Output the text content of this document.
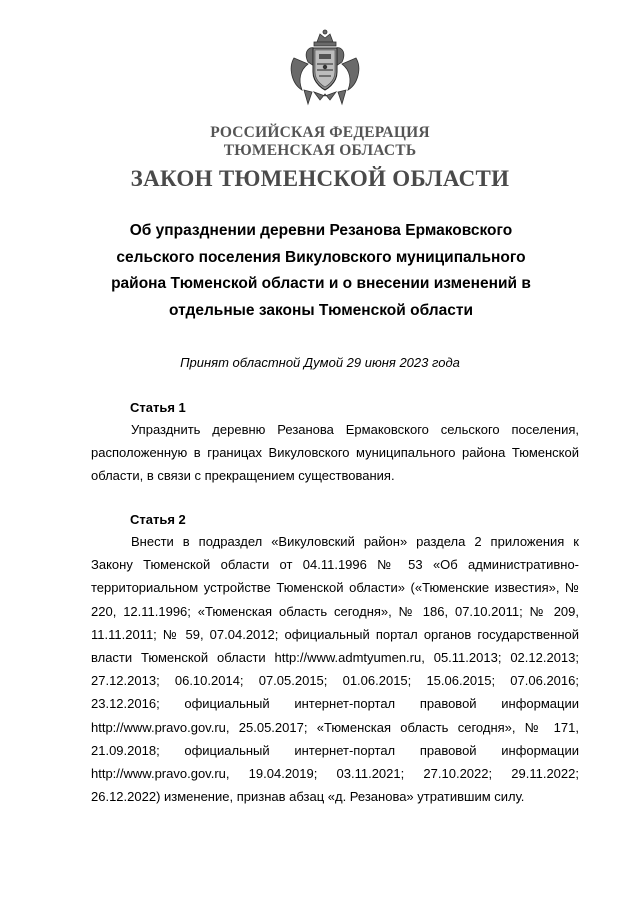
РОССИЙСКАЯ ФЕДЕРАЦИЯ
ТЮМЕНСКАЯ ОБЛАСТЬ
ЗАКОН ТЮМЕНСКОЙ ОБЛАСТИ
Об упразднении деревни Резанова Ермаковского сельского поселения Викуловского муниципального района Тюменской области и о внесении изменений в отдельные законы Тюменской области
Принят областной Думой 29 июня 2023 года
Статья 1

Упразднить деревню Резанова Ермаковского сельского поселения, расположенную в границах Викуловского муниципального района Тюменской области, в связи с прекращением существования.

Статья 2

Внести в подраздел «Викуловский район» раздела 2 приложения к Закону Тюменской области от 04.11.1996 № 53 «Об административно-территориальном устройстве Тюменской области» («Тюменские известия», № 220, 12.11.1996; «Тюменская область сегодня», № 186, 07.10.2011; № 209, 11.11.2011; № 59, 07.04.2012; официальный портал органов государственной власти Тюменской области http://www.admtyumen.ru, 05.11.2013; 02.12.2013; 27.12.2013; 06.10.2014; 07.05.2015; 01.06.2015; 15.06.2015; 07.06.2016; 23.12.2016; официальный интернет-портал правовой информации http://www.pravo.gov.ru, 25.05.2017; «Тюменская область сегодня», № 171, 21.09.2018; официальный интернет-портал правовой информации http://www.pravo.gov.ru, 19.04.2019; 03.11.2021; 27.10.2022; 29.11.2022; 26.12.2022) изменение, признав абзац «д. Резанова» утратившим силу.
